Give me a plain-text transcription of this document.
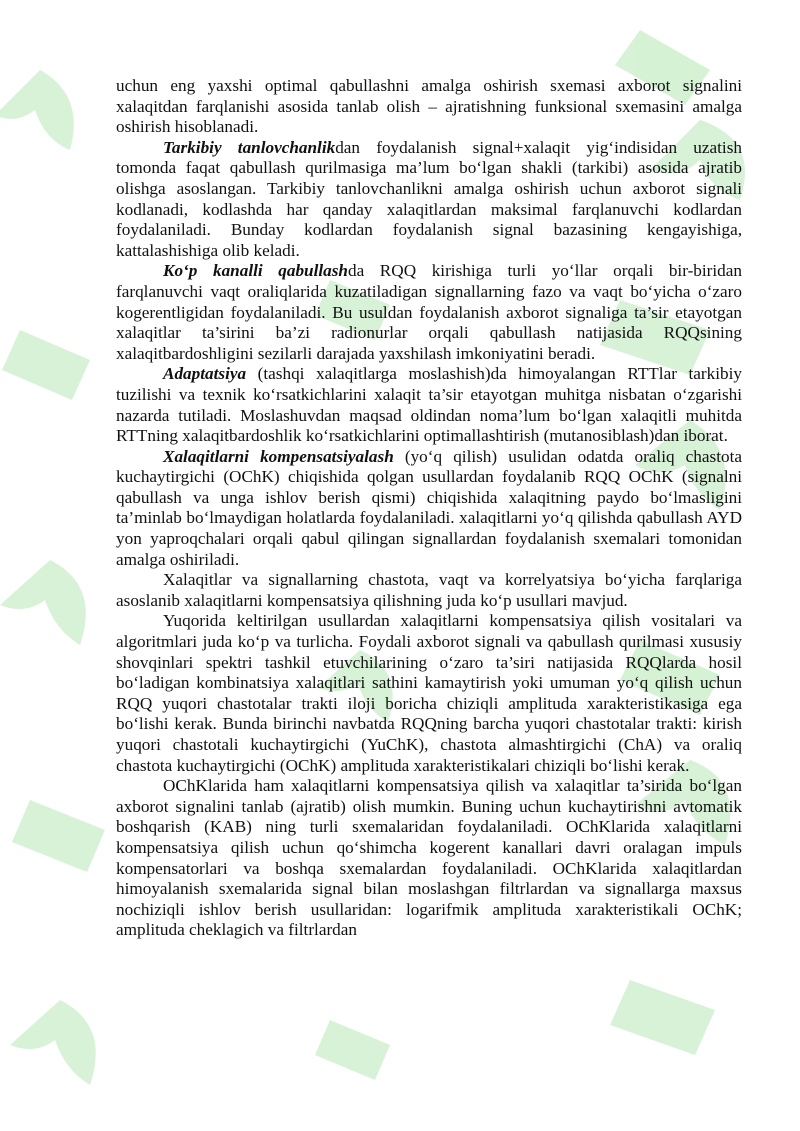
uchun eng yaxshi optimal qabullashni amalga oshirish sxemasi axborot signalini xalaqitdan farqlanishi asosida tanlab olish – ajratishning funksional sxemasini amalga oshirish hisoblanadi.

Tarkibiy tanlovchanlikdan foydalanish signal+xalaqit yig‘indisidan uzatish tomonda faqat qabullash qurilmasiga ma’lum bo‘lgan shakli (tarkibi) asosida ajratib olishga asoslangan. Tarkibiy tanlovchanlikni amalga oshirish uchun axborot signali kodlanadi, kodlashda har qanday xalaqitlardan maksimal farqlanuvchi kodlardan foydalaniladi. Bunday kodlardan foydalanish signal bazasining kengayishiga, kattalashishiga olib keladi.

Ko‘p kanalli qabullashda RQQ kirishiga turli yo‘llar orqali bir-biridan farqlanuvchi vaqt oraliqlarida kuzatiladigan signallarning fazo va vaqt bo‘yicha o‘zaro kogerentligidan foydalaniladi. Bu usuldan foydalanish axborot signaliga ta’sir etayotgan xalaqitlar ta’sirini ba’zi radionurlar orqali qabullash natijasida RQQsining xalaqitbardoshligini sezilarli darajada yaxshilash imkoniyatini beradi.

Adaptatsiya (tashqi xalaqitlarga moslashish)da himoyalangan RTTlar tarkibiy tuzilishi va texnik ko‘rsatkichlarini xalaqit ta’sir etayotgan muhitga nisbatan o‘zgarishi nazarda tutiladi. Moslashuvdan maqsad oldindan noma’lum bo‘lgan xalaqitli muhitda RTTning xalaqitbardoshlik ko‘rsatkichlarini optimallashtirish (mutanosiblash)dan iborat.

Xalaqitlarni kompensatsiyalash (yo‘q qilish) usulidan odatda oraliq chastota kuchaytirgichi (OChK) chiqishida qolgan usullardan foydalanib RQQ OChK (signalni qabullash va unga ishlov berish qismi) chiqishida xalaqitning paydo bo‘lmasligini ta’minlab bo‘lmaydigan holatlarda foydalaniladi. xalaqitlarni yo‘q qilishda qabullash AYD yon yaproqchalari orqali qabul qilingan signallardan foydalanish sxemalari tomonidan amalga oshiriladi.

Xalaqitlar va signallarning chastota, vaqt va korrelyatsiya bo‘yicha farqlariga asoslanib xalaqitlarni kompensatsiya qilishning juda ko‘p usullari mavjud.

Yuqorida keltirilgan usullardan xalaqitlarni kompensatsiya qilish vositalari va algoritmlari juda ko‘p va turlicha. Foydali axborot signali va qabullash qurilmasi xususiy shovqinlari spektri tashkil etuvchilarining o‘zaro ta’siri natijasida RQQlarda hosil bo‘ladigan kombinatsiya xalaqitlari sathini kamaytirish yoki umuman yo‘q qilish uchun RQQ yuqori chastotalar trakti iloji boricha chiziqli amplituda xarakteristikasiga ega bo‘lishi kerak. Bunda birinchi navbatda RQQning barcha yuqori chastotalar trakti: kirish yuqori chastotali kuchaytirgichi (YuChK), chastota almashtirgichi (ChA) va oraliq chastota kuchaytirgichi (OChK) amplituda xarakteristikalari chiziqli bo‘lishi kerak.

OChKlarida ham xalaqitlarni kompensatsiya qilish va xalaqitlar ta’sirida bo‘lgan axborot signalini tanlab (ajratib) olish mumkin. Buning uchun kuchaytirishni avtomatik boshqarish (KAB) ning turli sxemalaridan foydalaniladi. OChKlarida xalaqitlarni kompensatsiya qilish uchun qo‘shimcha kogerent kanallari davri oralagan impuls kompensatorlari va boshqa sxemalardan foydalaniladi. OChKlarida xalaqitlardan himoyalanish sxemalarida signal bilan moslashgan filtrlardan va signallarga maxsus nochiziqli ishlov berish usullaridan: logarifmik amplituda xarakteristikali OChK; amplituda cheklagich va filtrlardan
